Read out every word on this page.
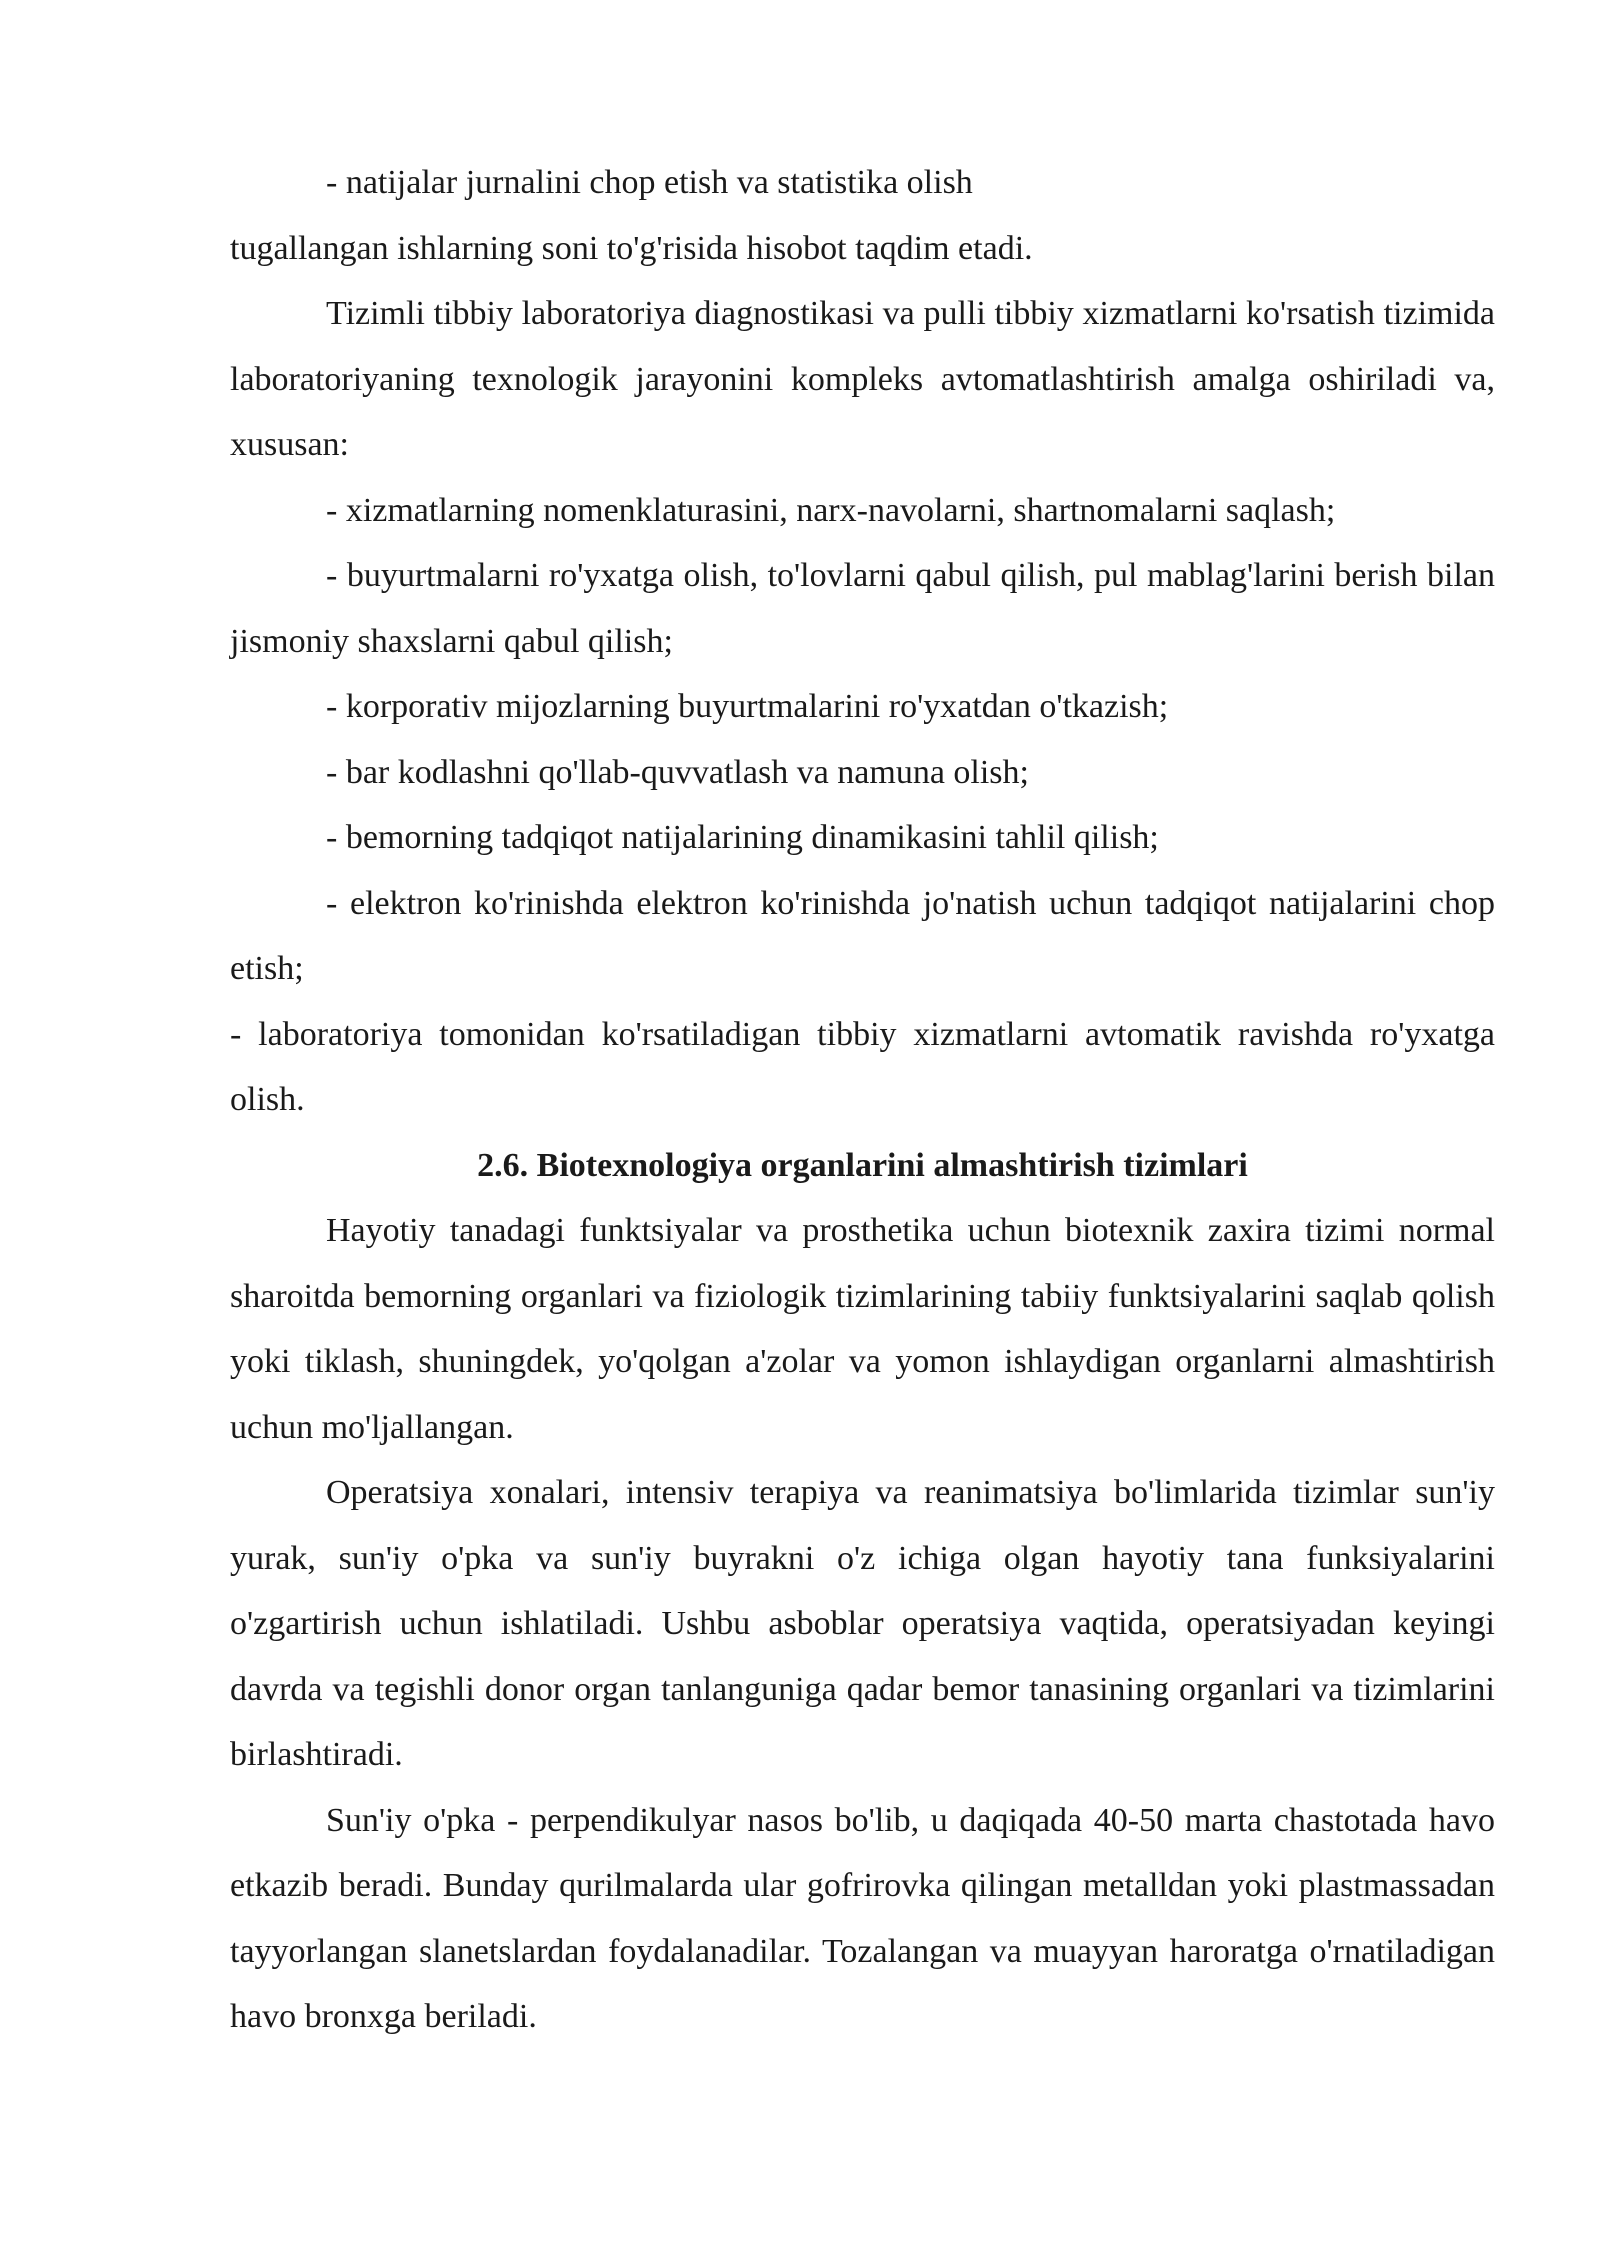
- natijalar jurnalini chop etish va statistika olish

tugallangan ishlarning soni to'g'risida hisobot taqdim etadi.

Tizimli tibbiy laboratoriya diagnostikasi va pulli tibbiy xizmatlarni ko'rsatish tizimida laboratoriyaning texnologik jarayonini kompleks avtomatlashtirish amalga oshiriladi va, xususan:

- xizmatlarning nomenklaturasini, narx-navolarni, shartnomalarni saqlash;

- buyurtmalarni ro'yxatga olish, to'lovlarni qabul qilish, pul mablag'larini berish bilan jismoniy shaxslarni qabul qilish;

- korporativ mijozlarning buyurtmalarini ro'yxatdan o'tkazish;

- bar kodlashni qo'llab-quvvatlash va namuna olish;

- bemorning tadqiqot natijalarining dinamikasini tahlil qilish;

- elektron ko'rinishda elektron ko'rinishda jo'natish uchun tadqiqot natijalarini chop etish;

- laboratoriya tomonidan ko'rsatiladigan tibbiy xizmatlarni avtomatik ravishda ro'yxatga olish.

2.6. Biotexnologiya organlarini almashtirish tizimlari

Hayotiy tanadagi funktsiyalar va prosthetika uchun biotexnik zaxira tizimi normal sharoitda bemorning organlari va fiziologik tizimlarining tabiiy funktsiyalarini saqlab qolish yoki tiklash, shuningdek, yo'qolgan a'zolar va yomon ishlaydigan organlarni almashtirish uchun mo'ljallangan.

Operatsiya xonalari, intensiv terapiya va reanimatsiya bo'limlarida tizimlar sun'iy yurak, sun'iy o'pka va sun'iy buyrakni o'z ichiga olgan hayotiy tana funksiyalarini o'zgartirish uchun ishlatiladi. Ushbu asboblar operatsiya vaqtida, operatsiyadan keyingi davrda va tegishli donor organ tanlanguniga qadar bemor tanasining organlari va tizimlarini birlashtiradi.

Sun'iy o'pka - perpendikulyar nasos bo'lib, u daqiqada 40-50 marta chastotada havo etkazib beradi. Bunday qurilmalarda ular gofrirovka qilingan metalldan yoki plastmassadan tayyorlangan slanetslardan foydalanadilar. Tozalangan va muayyan haroratga o'rnatiladigan havo bronxga beriladi.
